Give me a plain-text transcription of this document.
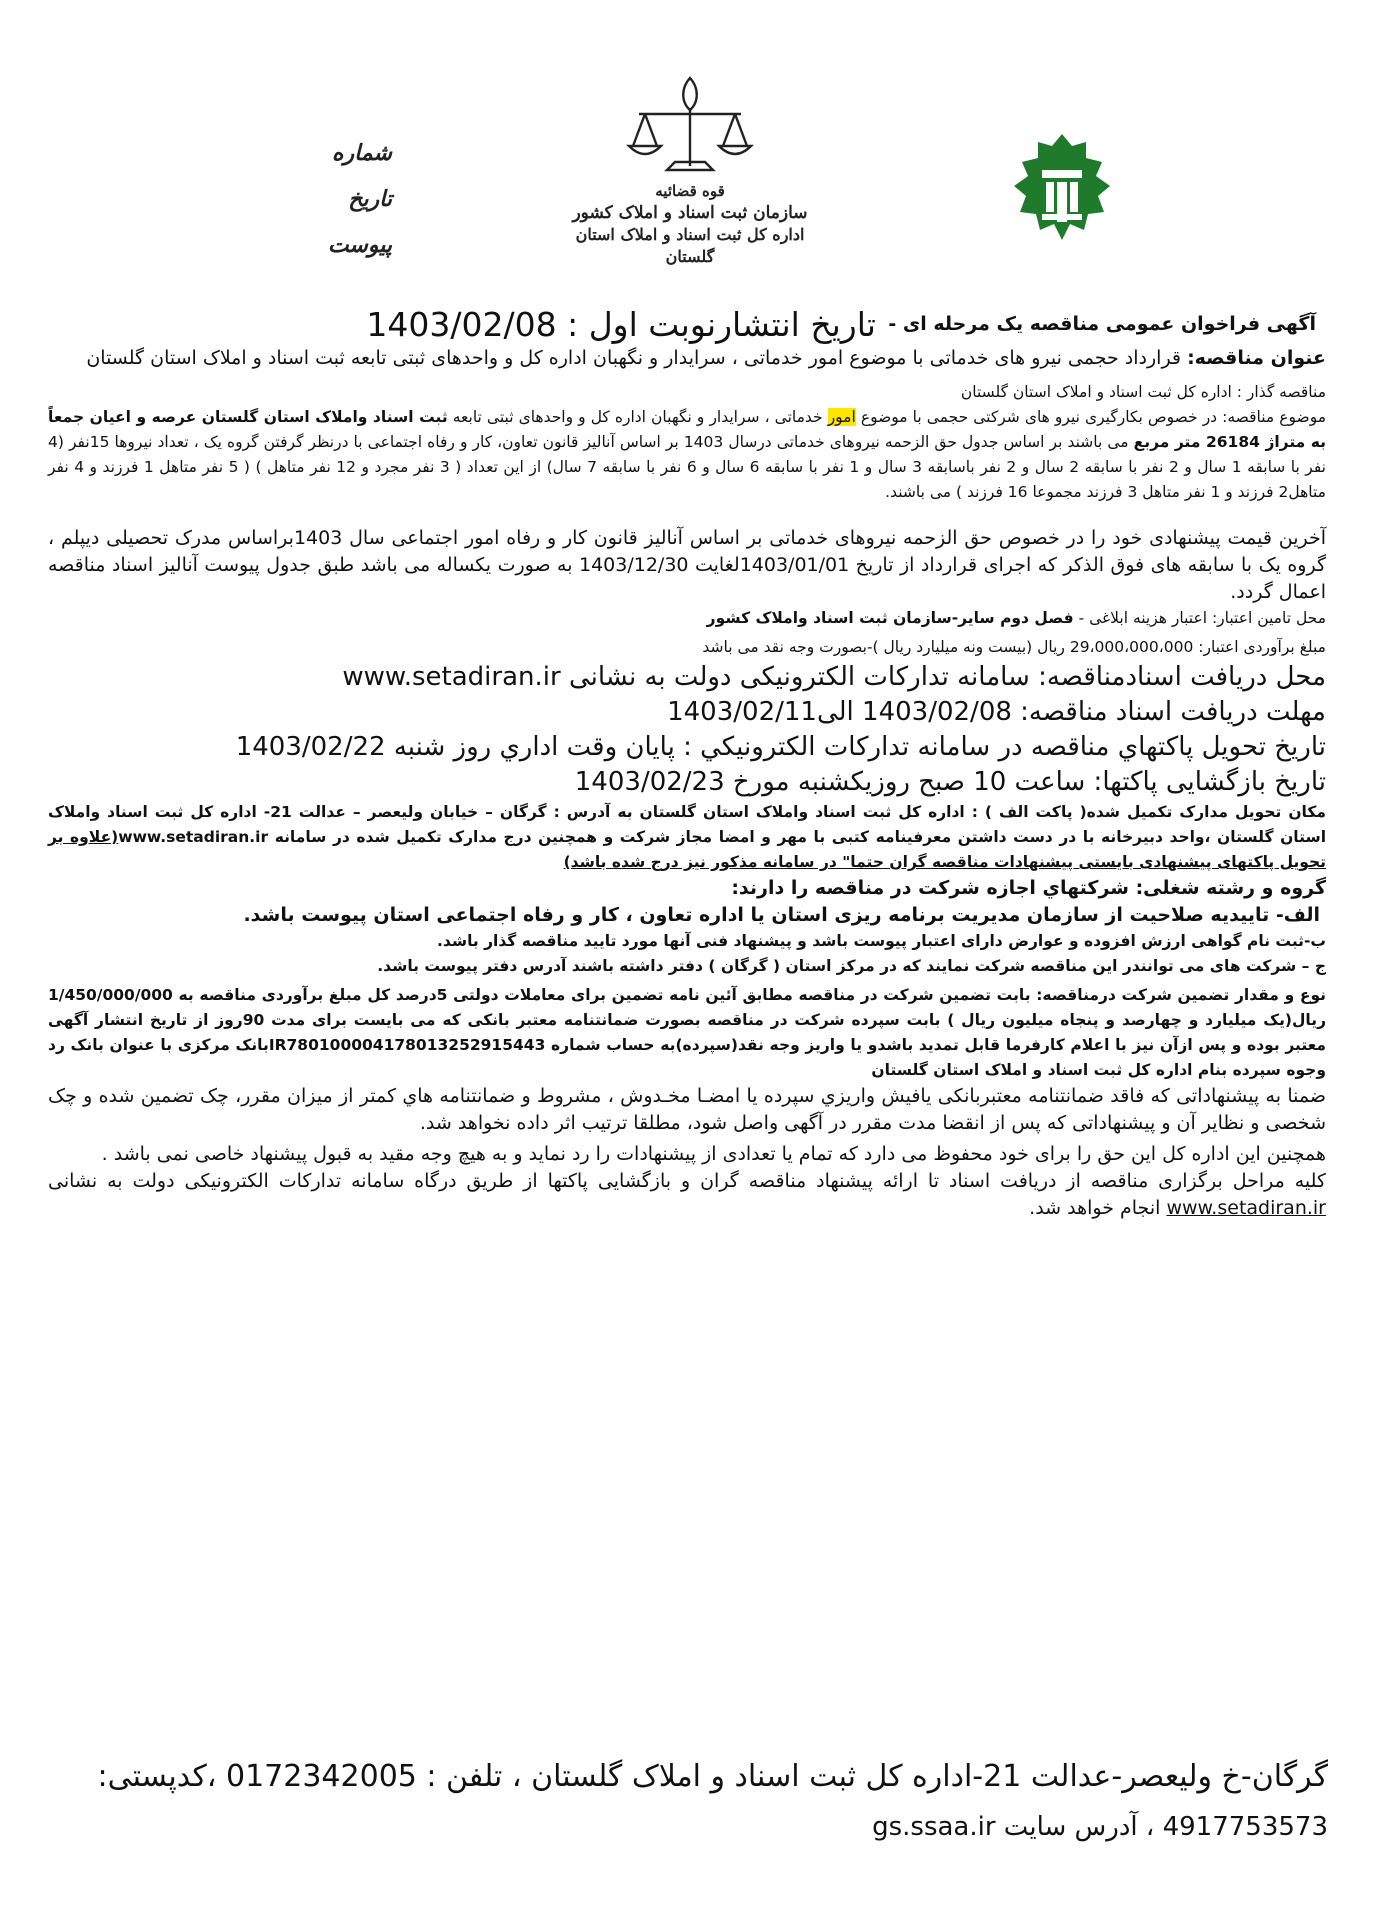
قوه قضائیه
سازمان ثبت اسناد و املاک کشور
اداره کل ثبت اسناد و املاک استان گلستان
شماره
تاریخ
پیوست
آگهی فراخوان عمومی مناقصه یک مرحله ای -
تاریخ انتشارنوبت اول : 1403/02/08

عنوان مناقصه: قرارداد حجمی نیرو های خدماتی با موضوع امور خدماتی ، سرایدار و نگهبان اداره کل و واحدهای ثبتی تابعه ثبت اسناد و املاک استان گلستان

مناقصه گذار : اداره کل ثبت اسناد و املاک استان گلستان

موضوع مناقصه: در خصوص بکارگیری نیرو های شرکتی حجمی با موضوع امور خدماتی ، سرایدار و نگهبان اداره کل و واحدهای ثبتی تابعه ثبت اسناد واملاک استان گلستان عرصه و اعیان جمعاً به متراژ 26184 متر مربع می باشند بر اساس جدول حق الزحمه نیروهای خدماتی درسال 1403 بر اساس آنالیز قانون تعاون، کار و رفاه اجتماعی با درنظر گرفتن گروه یک ، تعداد نیروها 15نفر (4 نفر با سابقه 1 سال و 2 نفر با سابقه 2 سال و 2 نفر باسابقه 3 سال و 1 نفر با سابقه 6 سال و 6 نفر با سابقه 7 سال) از این تعداد ( 3 نفر مجرد و 12 نفر متاهل ) ( 5 نفر متاهل 1 فرزند و 4 نفر متاهل2 فرزند و 1 نفر متاهل 3 فرزند مجموعا 16 فرزند ) می باشند.

آخرین قیمت پیشنهادی خود را در خصوص حق الزحمه نیروهای خدماتی بر اساس آنالیز قانون کار و رفاه امور اجتماعی سال 1403براساس مدرک تحصیلی دیپلم ، گروه یک با سابقه های فوق الذکر که اجرای قرارداد از تاریخ 1403/01/01لغایت 1403/12/30 به صورت یکساله می باشد طبق جدول پیوست آنالیز اسناد مناقصه اعمال گردد.

محل تامین اعتبار: اعتبار هزینه ابلاغی - فصل دوم سایر-سازمان ثبت اسناد واملاک کشور

مبلغ برآوردی اعتبار: 29،000،000،000 ریال (بیست ونه میلیارد ریال )-بصورت وجه نقد می باشد

محل دریافت اسنادمناقصه: سامانه تدارکات الکترونیکی دولت به نشانی www.setadiran.ir

مهلت دریافت اسناد مناقصه: 1403/02/08 الی1403/02/11

تاريخ تحويل پاكتهاي مناقصه در سامانه تداركات الكترونيكي : پايان وقت اداري روز شنبه 1403/02/22

تاریخ بازگشایی پاکتها: ساعت 10 صبح روزیکشنبه مورخ 1403/02/23

مکان تحویل مدارک تکمیل شده( پاکت الف ) : اداره کل ثبت اسناد واملاک استان گلستان به آدرس : گرگان – خیابان ولیعصر – عدالت 21- اداره کل ثبت اسناد واملاک استان گلستان ،واحد دبیرخانه با در دست داشتن معرفینامه کتبی با مهر و امضا مجاز شرکت و همچنین درج مدارک تکمیل شده در سامانه www.setadiran.ir(علاوه بر تحویل پاکتهای پیشنهادی بایستی پیشنهادات مناقصه گران حتما" در سامانه مذکور نیز درج شده باشد)

گروه و رشته شغلی: شرکتهاي اجازه شرکت در مناقصه را دارند:

الف- تاییدیه صلاحیت از سازمان مدیریت برنامه ریزی استان یا اداره تعاون ، کار و رفاه اجتماعی استان پیوست باشد.

ب-ثبت نام گواهی ارزش افزوده و عوارض دارای اعتبار پیوست باشد و پیشنهاد فنی آنها مورد تایید مناقصه گذار باشد.

ج – شرکت های می توانندر این مناقصه شرکت نمایند که در مرکز استان ( گرگان ) دفتر داشته باشند آدرس دفتر پیوست باشد.

نوع و مقدار تضمین شرکت درمناقصه: بابت تضمین شرکت در مناقصه مطابق آئین نامه تضمین برای معاملات دولتی 5درصد کل مبلغ برآوردی مناقصه به 1/450/000/000 ریال(یک میلیارد و چهارصد و پنجاه میلیون ریال ) بابت سپرده شرکت در مناقصه بصورت ضمانتنامه معتبر بانکی که می بایست برای مدت 90روز از تاریخ انتشار آگهی معتبر بوده و پس ازآن نیز با اعلام کارفرما قابل تمدید باشدو یا واریز وجه نقد(سپرده)به حساب شماره IR780100004178013252915443بانک مرکزی با عنوان بانک رد وجوه سپرده بنام اداره کل ثبت اسناد و املاک استان گلستان

ضمنا به پیشنهاداتی که فاقد ضمانتنامه معتبربانکی یافیش واریزي سپرده یا امضـا مخـدوش ، مشروط و ضمانتنامه هاي کمتر از میزان مقرر، چک تضمین شده و چک شخصی و نظایر آن و پیشنهاداتی که پس از انقضا مدت مقرر در آگهی واصل شود، مطلقا ترتیب اثر داده نخواهد شد.

همچنین این اداره کل این حق را برای خود محفوظ می دارد که تمام یا تعدادی از پیشنهادات را رد نماید و به هیچ وجه مقید به قبول پیشنهاد خاصی نمی باشد .

کلیه مراحل برگزاری مناقصه از دریافت اسناد تا ارائه پیشنهاد مناقصه گران و بازگشایی پاکتها از طریق درگاه سامانه تدارکات الکترونیکی دولت به نشانی www.setadiran.ir انجام خواهد شد.

گرگان-خ ولیعصر-عدالت 21-اداره کل ثبت اسناد و املاک گلستان ، تلفن : 0172342005 ،کدپستی:
4917753573 ، آدرس سایت gs.ssaa.ir
